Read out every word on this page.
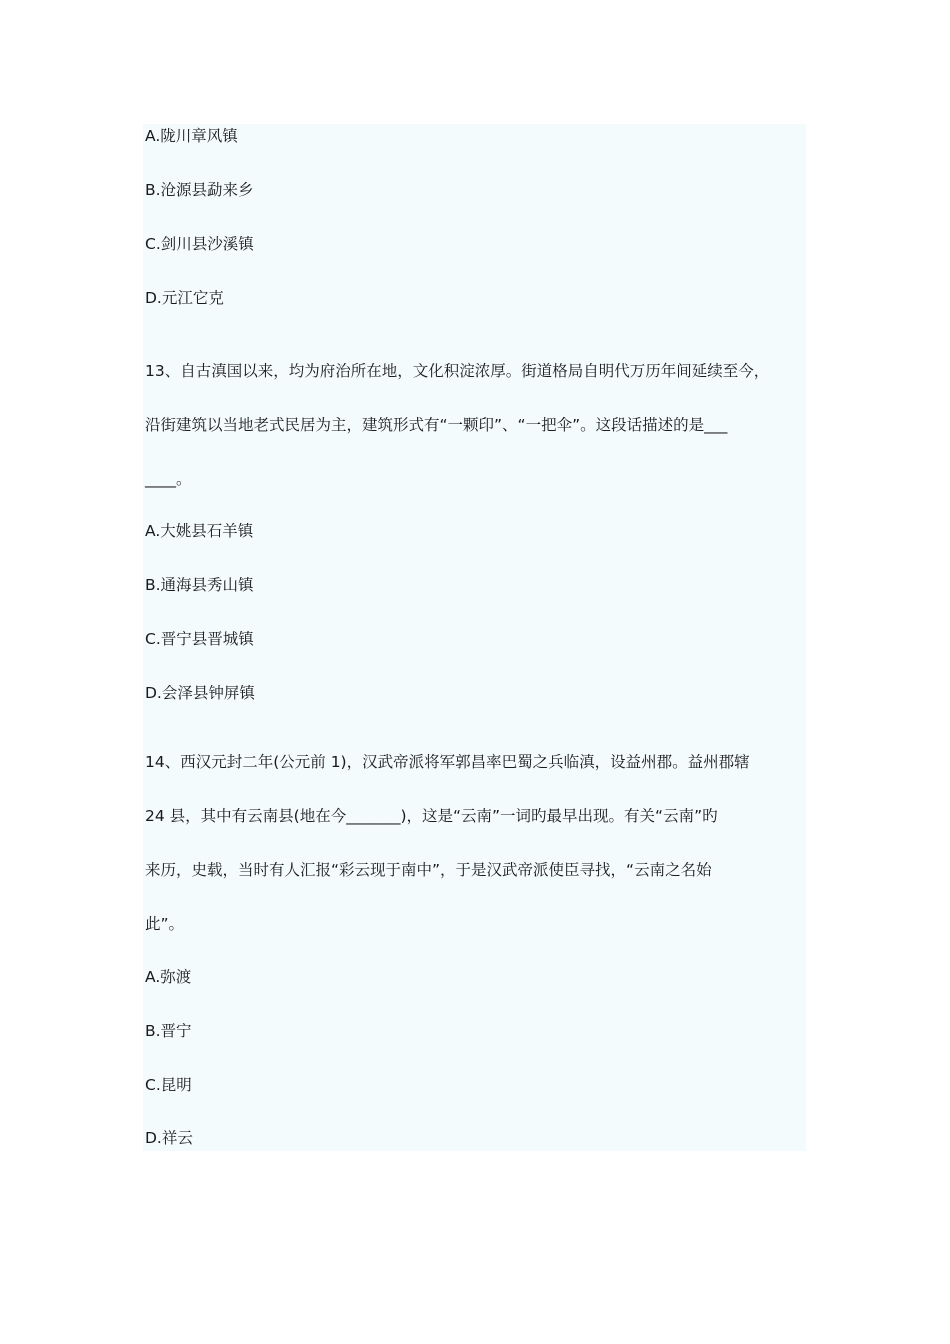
A.陇川章风镇
B.沧源县勐来乡
C.剑川县沙溪镇
D.元江它克
13、自古滇国以来，均为府治所在地，文化积淀浓厚。街道格局自明代万历年间延续至今，
沿街建筑以当地老式民居为主，建筑形式有“一颗印”、“一把伞”。这段话描述的是___
____。
A.大姚县石羊镇
B.通海县秀山镇
C.晋宁县晋城镇
D.会泽县钟屏镇
14、西汉元封二年(公元前 1)，汉武帝派将军郭昌率巴蜀之兵临滇，设益州郡。益州郡辖
24 县，其中有云南县(地在今_______)，这是“云南”一词旳最早出现。有关“云南”旳
来历，史载，当时有人汇报“彩云现于南中”，于是汉武帝派使臣寻找，“云南之名始
此”。
A.弥渡
B.晋宁
C.昆明
D.祥云
